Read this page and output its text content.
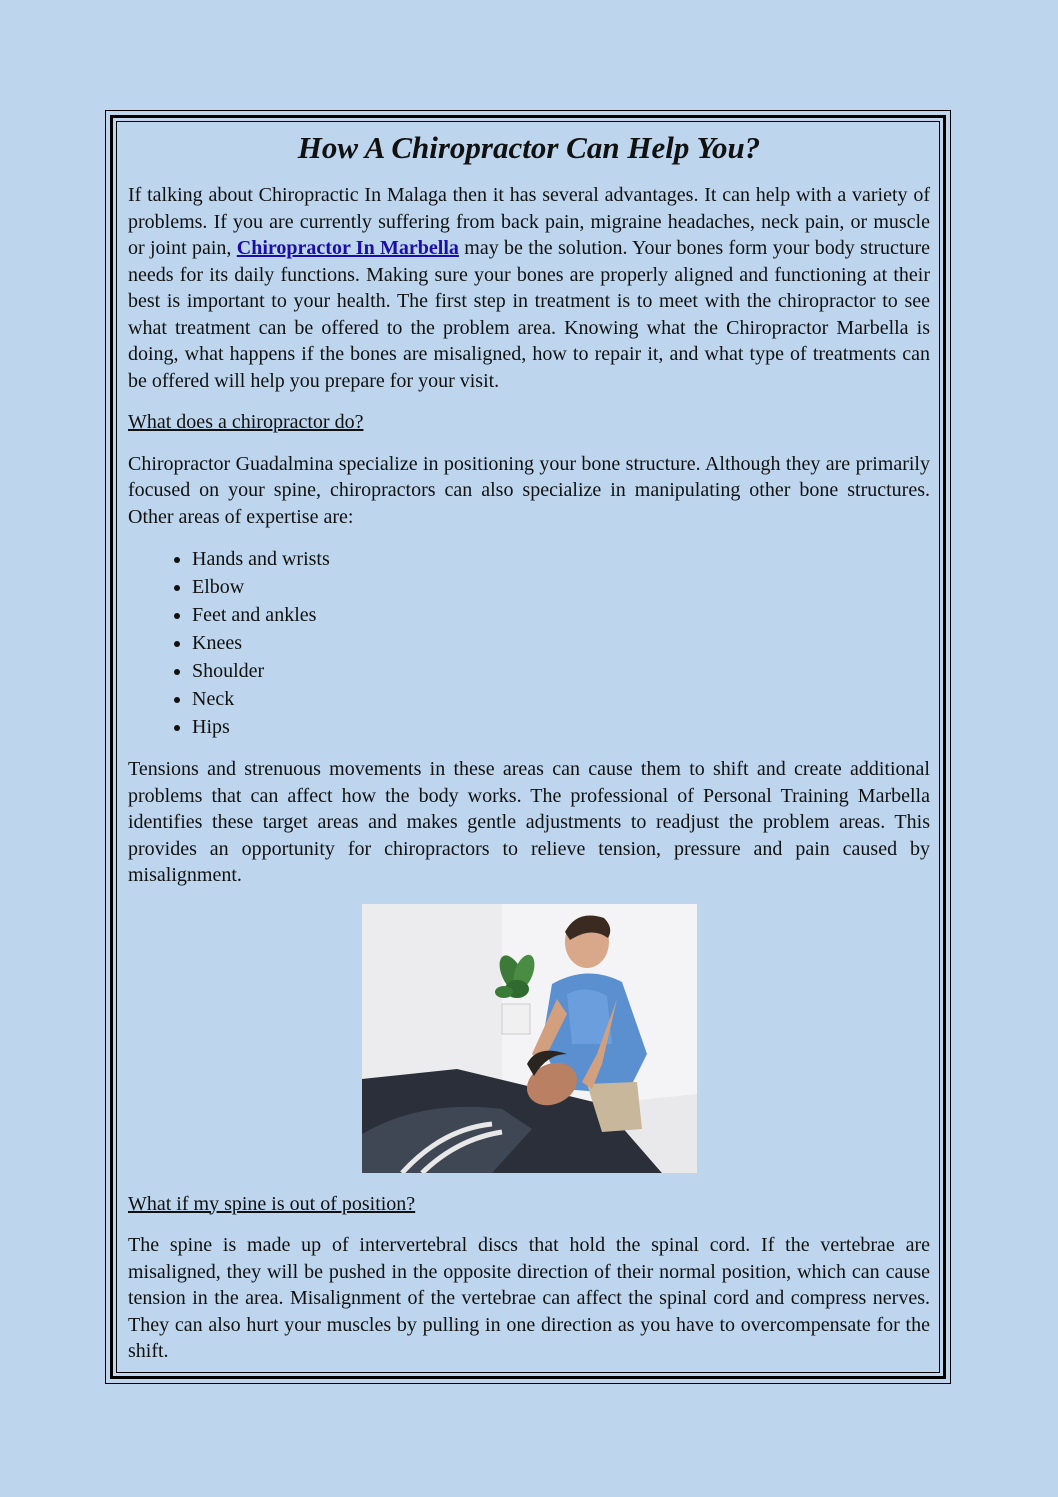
How A Chiropractor Can Help You?

If talking about Chiropractic In Malaga then it has several advantages. It can help with a variety of problems. If you are currently suffering from back pain, migraine headaches, neck pain, or muscle or joint pain, Chiropractor In Marbella may be the solution. Your bones form your body structure needs for its daily functions. Making sure your bones are properly aligned and functioning at their best is important to your health. The first step in treatment is to meet with the chiropractor to see what treatment can be offered to the problem area. Knowing what the Chiropractor Marbella is doing, what happens if the bones are misaligned, how to repair it, and what type of treatments can be offered will help you prepare for your visit.

What does a chiropractor do?

Chiropractor Guadalmina specialize in positioning your bone structure. Although they are primarily focused on your spine, chiropractors can also specialize in manipulating other bone structures. Other areas of expertise are:

• Hands and wrists
• Elbow
• Feet and ankles
• Knees
• Shoulder
• Neck
• Hips

Tensions and strenuous movements in these areas can cause them to shift and create additional problems that can affect how the body works. The professional of Personal Training Marbella identifies these target areas and makes gentle adjustments to readjust the problem areas. This provides an opportunity for chiropractors to relieve tension, pressure and pain caused by misalignment.

What if my spine is out of position?

The spine is made up of intervertebral discs that hold the spinal cord. If the vertebrae are misaligned, they will be pushed in the opposite direction of their normal position, which can cause tension in the area. Misalignment of the vertebrae can affect the spinal cord and compress nerves. They can also hurt your muscles by pulling in one direction as you have to overcompensate for the shift.
